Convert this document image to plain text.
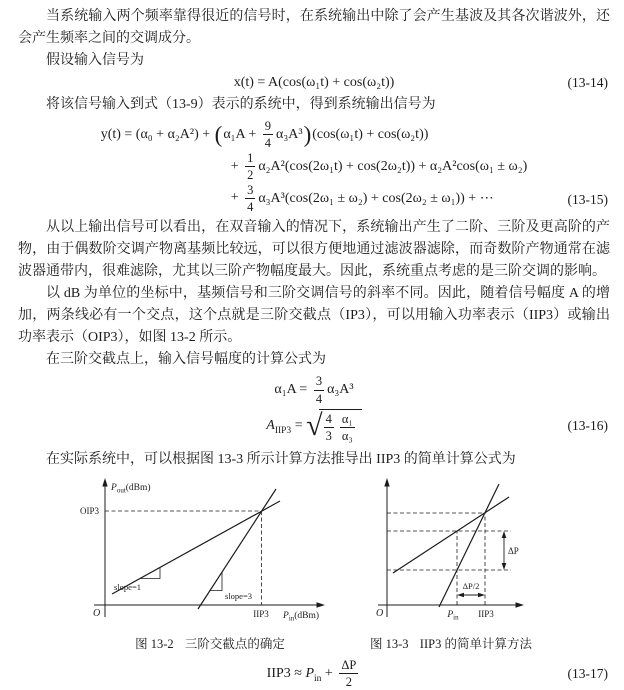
当系统输入两个频率靠得很近的信号时，在系统输出中除了会产生基波及其各次谐波外，还会产生频率之间的交调成分。

假设输入信号为

x(t) = A(cos(ω₁t) + cos(ω₂t))	(13-14)

将该信号输入到式（13-9）表示的系统中，得到系统输出信号为

y(t) = (α₀ + α₂A²) + ( $\alpha_1A + \frac{9}{4} \alpha_3A^3$ ) (cos(ω₁t) + cos(ω₂t))
+ $\frac{1}{2} \alpha_2A^2(\cos(2\omega_1t) + \cos(2\omega_2t)) + \alpha_2A^2\cos(\omega_1 \pm \omega_2)$
+ $\frac{3}{4} \alpha_3A^3(\cos(2\omega_1 \pm \omega_2) + \cos(2\omega_2 \pm \omega_1))$ + ⋯	(13-15)

从以上输出信号可以看出，在双音输入的情况下，系统输出产生了二阶、三阶及更高阶的产物，由于偶数阶交调产物离基频比较远，可以很方便地通过滤波器滤除，而奇数阶产物通常在滤波器通带内，很难滤除，尤其以三阶产物幅度最大。因此，系统重点考虑的是三阶交调的影响。

以 dB 为单位的坐标中，基频信号和三阶交调信号的斜率不同。因此，随着信号幅度 A 的增加，两条线必有一个交点，这个点就是三阶交截点（IP3），可以用输入功率表示（IIP3）或输出功率表示（OIP3），如图 13-2 所示。

在三阶交截点上，输入信号幅度的计算公式为

$\alpha_1A = \frac{3}{4} \alpha_3A^3$
$A_{IIP3}$ = √ $\frac{4}{3} \frac{\text{α₁}}{\text{α₃}}$	(13-16)

在实际系统中，可以根据图 13-3 所示计算方法推导出 IIP3 的简单计算公式为

O
$P_{out}(dBm)$
OIP3
slope=1
slope=3
IIP3 $P_{in}(dBm)$
图 13-2 三阶交截点的确定
O
ΔP
ΔP/2
$P_{in}$ IIP3
图 13-3 IIP3 的简单计算方法
$IIP3 \approx P_{in} + \frac{\Delta P}{2}$	(13-17)
